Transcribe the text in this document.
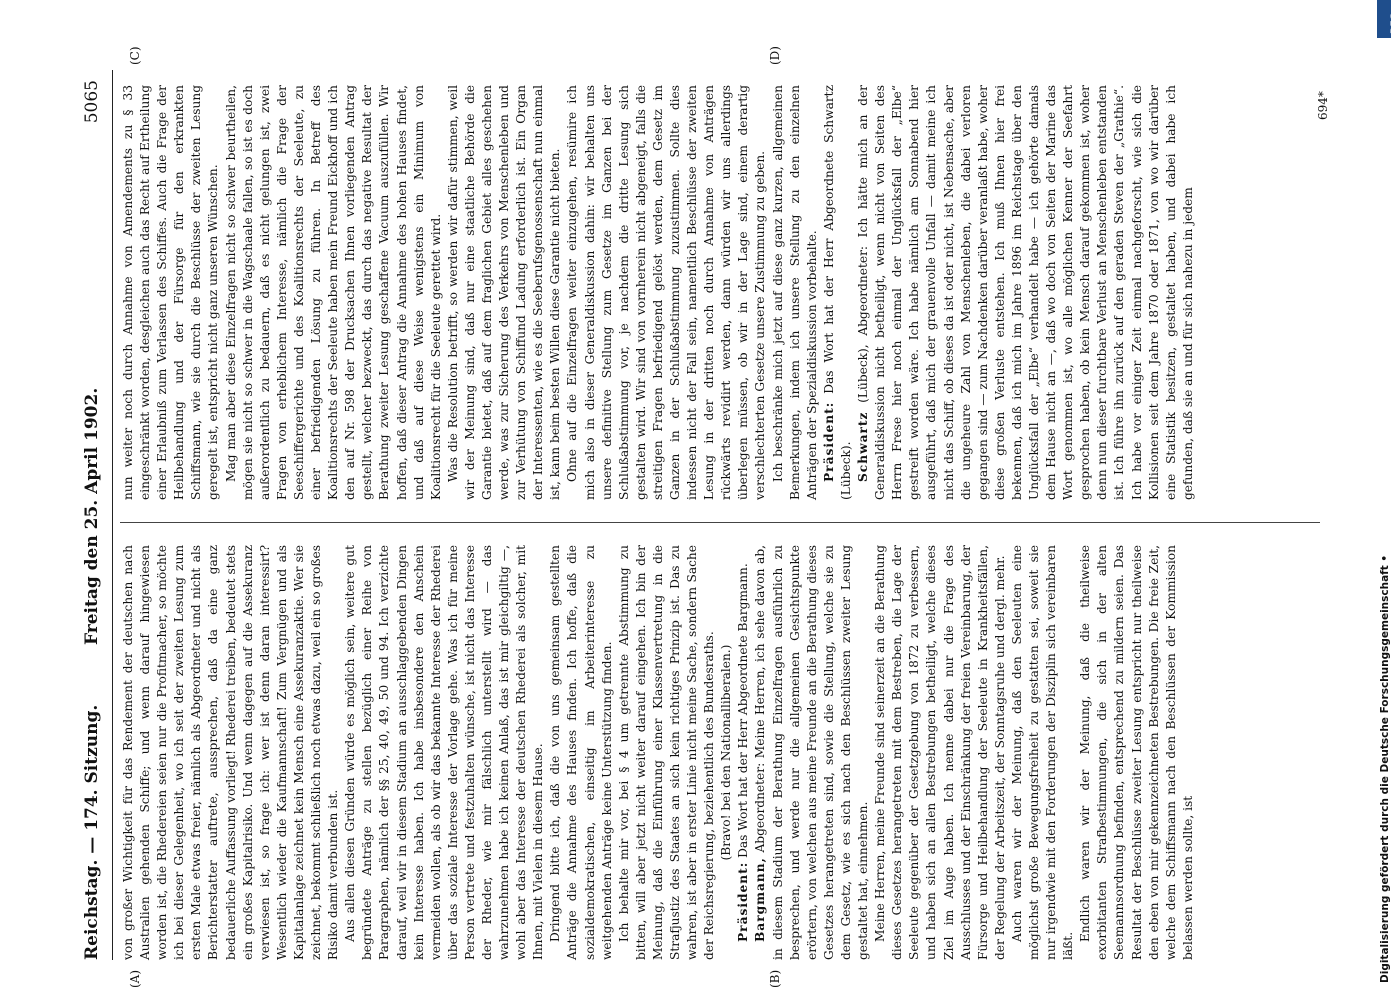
Reichstag. — 174. Sitzung.
Freitag den 25. April 1902.
5065

von großer Wichtigkeit für das Rendement der deutschen nach Australien gehenden Schiffe; und wenn darauf hingewiesen worden ist, die Rhedereien seien nur die Profitmacher, so möchte ich bei dieser Gelegenheit, wo ich seit der zweiten Lesung zum ersten Male etwas freier, nämlich als Abgeordneter und nicht als Berichterstatter auftrete, aussprechen, daß da eine ganz bedauerliche Auffassung vorliegt! Rhederei treiben, bedeutet stets ein großes Kapitalrisiko. Und wenn dagegen auf die Assekuranz verwiesen ist, so frage ich: wer ist denn daran interessirt? Wesentlich wieder die Kaufmannschaft! Zum Vergnügen und als Kapitalanlage zeichnet kein Mensch eine Assekuranzaktie. Wer sie zeichnet, bekommt schließlich noch etwas dazu, weil ein so großes Risiko damit verbunden ist. Aus allen diesen Gründen würde es möglich sein, weitere gut begründete Anträge zu stellen bezüglich einer Reihe von Paragraphen, nämlich der §§ 25, 40, 49, 50 und 94. Ich verzichte darauf, weil wir in diesem Stadium an ausschlaggebenden Dingen kein Interesse haben. Ich habe insbesondere den Anschein vermeiden wollen, als ob wir das bekannte Interesse der Rhederei über das soziale Interesse der Vorlage gehe. Was ich für meine Person vertrete und festzuhalten wünsche, ist nicht das Interesse der Rheder, wie mir fälschlich unterstellt wird — das wahrzunehmen habe ich keinen Anlaß, das ist mir gleichgiltig —, wohl aber das Interesse der deutschen Rhederei als solcher, mit Ihnen, mit Vielen in diesem Hause. Dringend bitte ich, daß die von uns gemeinsam gestellten Anträge die Annahme des Hauses finden. Ich hoffe, daß die sozialdemokratischen, einseitig im Arbeiterinteresse zu weitgehenden Anträge keine Unterstützung finden. Ich behalte mir vor, bei § 4 um getrennte Abstimmung zu bitten, will aber jetzt nicht weiter darauf eingehen. Ich bin der Meinung, daß die Einführung einer Klassenvertretung in die Strafjustiz des Staates an sich kein richtiges Prinzip ist. Das zu wahren, ist aber in erster Linie nicht meine Sache, sondern Sache der Reichsregierung, beziehentlich des Bundesraths. (Bravo! bei den Nationalliberalen.)

Präsident: Das Wort hat der Herr Abgeordnete Bargmann.

Bargmann, Abgeordneter: Meine Herren, ich sehe davon ab, in diesem Stadium der Berathung Einzelfragen ausführlich zu besprechen, und werde nur die allgemeinen Gesichtspunkte erörtern, von welchen aus meine Freunde an die Berathung dieses Gesetzes herangetreten sind, sowie die Stellung, welche sie zu dem Gesetz, wie es sich nach den Beschlüssen zweiter Lesung gestaltet hat, einnehmen. Meine Herren, meine Freunde sind seinerzeit an die Berathung dieses Gesetzes herangetreten mit dem Bestreben, die Lage der Seeleute gegenüber der Gesetzgebung von 1872 zu verbessern, und haben sich an allen Bestrebungen betheiligt, welche dieses Ziel im Auge haben. Ich nenne dabei nur die Frage des Ausschlusses und der Einschränkung der freien Vereinbarung, der Fürsorge und Heilbehandlung der Seeleute in Krankheitsfällen, der Regelung der Arbeitszeit, der Sonntagsruhe und dergl. mehr. Auch waren wir der Meinung, daß den Seeleuten eine möglichst große Bewegungsfreiheit zu gestatten sei, soweit sie nur irgendwie mit den Forderungen der Disziplin sich vereinbaren läßt.

Endlich waren wir der Meinung, daß die theilweise exorbitanten Strafbestimmungen, die sich in der alten Seemannsordnung befinden, entsprechend zu mildern seien. Das Resultat der Beschlüsse zweiter Lesung entspricht nur theilweise den eben von mir gekennzeichneten Bestrebungen. Die freie Zeit, welche dem Schiffsmann nach den Beschlüssen der Kommission belassen werden sollte, ist

nun weiter noch durch Annahme von Amendements zu § 33 eingeschränkt worden, desgleichen auch das Recht auf Ertheilung einer Erlaubniß zum Verlassen des Schiffes. Auch die Frage der Heilbehandlung und der Fürsorge für den erkrankten Schiffsmann, wie sie durch die Beschlüsse der zweiten Lesung geregelt ist, entspricht nicht ganz unseren Wünschen. Mag man aber diese Einzelfragen nicht so schwer beurtheilen, mögen sie nicht so schwer in die Wagschaale fallen, so ist es doch außerordentlich zu bedauern, daß es nicht gelungen ist, zwei Fragen von erheblichem Interesse, nämlich die Frage der Seeschiffergerichte und des Koalitionsrechts der Seeleute, zu einer befriedigenden Lösung zu führen. In Betreff des Koalitionsrechts der Seeleute haben mein Freund Eickhoff und ich den auf Nr. 598 der Drucksachen Ihnen vorliegenden Antrag gestellt, welcher bezweckt, das durch das negative Resultat der Berathung zweiter Lesung geschaffene Vacuum auszufüllen. Wir hoffen, daß dieser Antrag die Annahme des hohen Hauses findet, und daß auf diese Weise wenigstens ein Minimum von Koalitionsrecht für die Seeleute gerettet wird. Was die Resolution betrifft, so werden wir dafür stimmen, weil wir der Meinung sind, daß nur eine staatliche Behörde die Garantie bietet, daß auf dem fraglichen Gebiet alles geschehen werde, was zur Sicherung des Verkehrs von Menschenleben und zur Verhütung von Schiffund Ladung erforderlich ist. Ein Organ der Interessenten, wie es die Seeberufsgenossenschaft nun einmal ist, kann beim besten Willen diese Garantie nicht bieten. Ohne auf die Einzelfragen weiter einzugehen, resümire ich mich also in dieser Generaldiskussion dahin: wir behalten uns unsere definitive Stellung zum Gesetze im Ganzen bei der Schlußabstimmung vor, je nachdem die dritte Lesung sich gestalten wird. Wir sind von vornherein nicht abgeneigt, falls die streitigen Fragen befriedigend gelöst werden, dem Gesetz im Ganzen in der Schlußabstimmung zuzustimmen. Sollte dies indessen nicht der Fall sein, namentlich Beschlüsse der zweiten Lesung in der dritten noch durch Annahme von Anträgen rückwärts revidirt werden, dann würden wir uns allerdings überlegen müssen, ob wir in der Lage sind, einem derartig verschlechterten Gesetze unsere Zustimmung zu geben. Ich beschränke mich jetzt auf diese ganz kurzen, allgemeinen Bemerkungen, indem ich unsere Stellung zu den einzelnen Anträgen der Spezialdiskussion vorbehalte. Präsident: Das Wort hat der Herr Abgeordnete Schwartz (Lübeck). Schwartz (Lübeck), Abgeordneter: Ich hätte mich an der Generaldiskussion nicht betheiligt, wenn nicht von Seiten des Herrn Frese hier noch einmal der Unglücksfall der „Elbe“ gestreift worden wäre. Ich habe nämlich am Sonnabend hier ausgeführt, daß mich der grauenvolle Unfall — damit meine ich nicht das Schiff, ob dieses da ist oder nicht, ist Nebensache, aber die ungeheure Zahl von Menschenleben, die dabei verloren gegangen sind — zum Nachdenken darüber veranlaßt habe, woher diese großen Verluste entstehen. Ich muß Ihnen hier frei bekennen, daß ich mich im Jahre 1896 im Reichstage über den Unglücksfall der „Elbe“ verhandelt habe — ich gehörte damals dem Hause nicht an —, daß wo doch von Seiten der Marine das Wort genommen ist, wo alle möglichen Kenner der Seefahrt gesprochen haben, ob kein Mensch darauf gekommen ist, woher denn nun dieser furchtbare Verlust an Menschenleben entstanden ist. Ich führe ihn zurück auf den geraden Steven der „Grathie“. Ich habe vor einiger Zeit einmal nachgeforscht, wie sich die Kollisionen seit dem Jahre 1870 oder 1871, von wo wir darüber eine Statistik besitzen, gestaltet haben, und dabei habe ich gefunden, daß sie an und für sich nahezu in jedem

(A)	(B)
(C)	(D)
694*
Digitalisierung gefördert durch die Deutsche Forschungsgemeinschaft •
DFG
